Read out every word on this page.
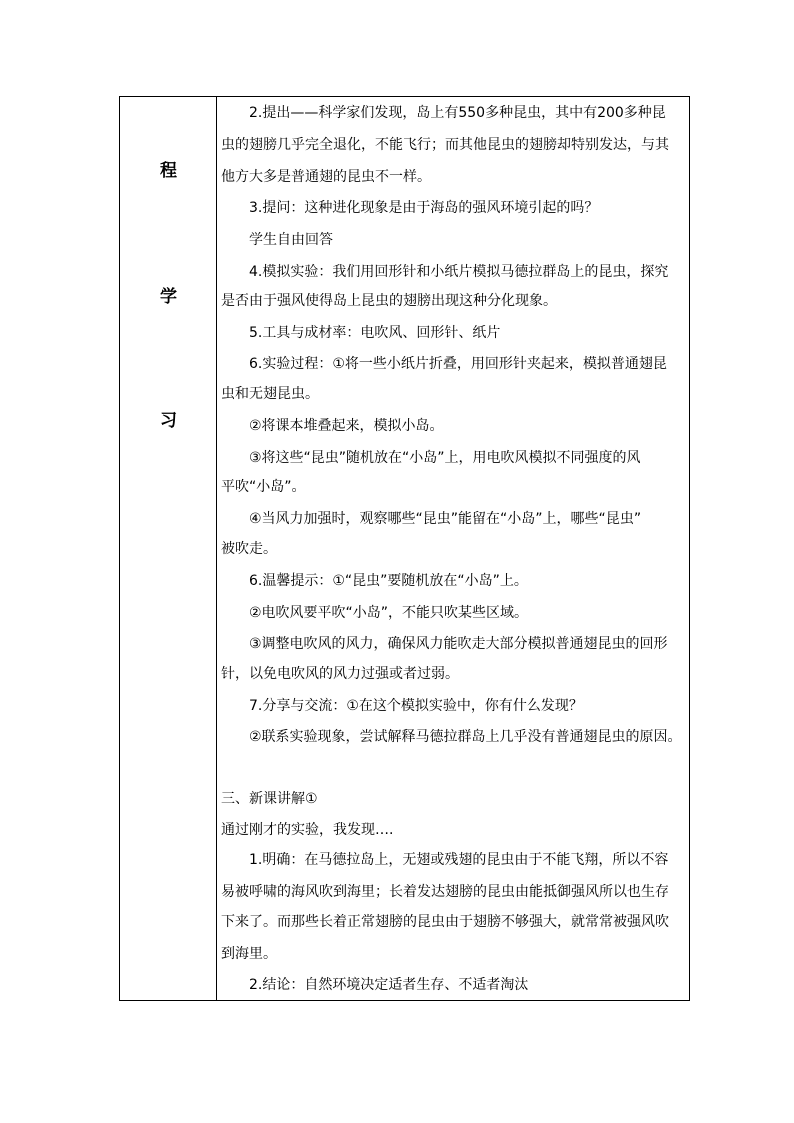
程
学
习
2.提出——科学家们发现，岛上有550多种昆虫，其中有200多种昆
虫的翅膀几乎完全退化，不能飞行；而其他昆虫的翅膀却特别发达，与其
他方大多是普通翅的昆虫不一样。
3.提问：这种进化现象是由于海岛的强风环境引起的吗？
学生自由回答
4.模拟实验：我们用回形针和小纸片模拟马德拉群岛上的昆虫，探究
是否由于强风使得岛上昆虫的翅膀出现这种分化现象。
5.工具与成材率：电吹风、回形针、纸片
6.实验过程：①将一些小纸片折叠，用回形针夹起来，模拟普通翅昆
虫和无翅昆虫。
②将课本堆叠起来，模拟小岛。
③将这些“昆虫”随机放在“小岛”上，用电吹风模拟不同强度的风
平吹“小岛”。
④当风力加强时，观察哪些“昆虫”能留在“小岛”上，哪些“昆虫”
被吹走。
6.温馨提示：①“昆虫”要随机放在“小岛”上。
②电吹风要平吹“小岛”，不能只吹某些区域。
③调整电吹风的风力，确保风力能吹走大部分模拟普通翅昆虫的回形
针，以免电吹风的风力过强或者过弱。
7.分享与交流：①在这个模拟实验中，你有什么发现？
②联系实验现象，尝试解释马德拉群岛上几乎没有普通翅昆虫的原因。
三、新课讲解①
通过刚才的实验，我发现….
1.明确：在马德拉岛上，无翅或残翅的昆虫由于不能飞翔，所以不容
易被呼啸的海风吹到海里；长着发达翅膀的昆虫由能抵御强风所以也生存
下来了。而那些长着正常翅膀的昆虫由于翅膀不够强大，就常常被强风吹
到海里。
2.结论：自然环境决定适者生存、不适者淘汰
